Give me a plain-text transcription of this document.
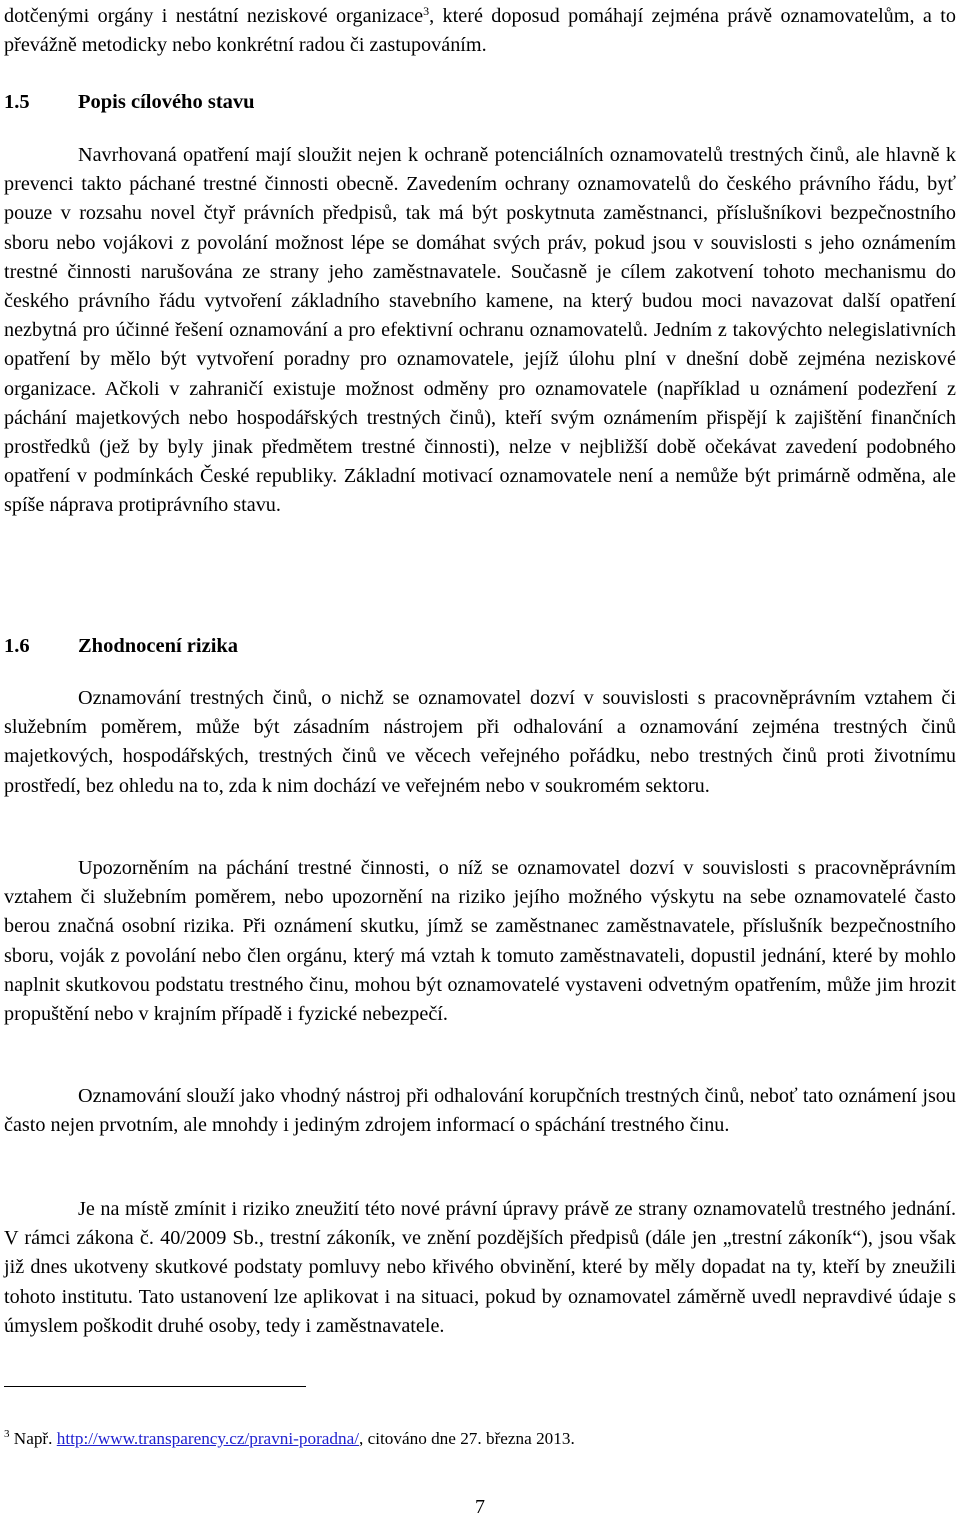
dotčenými orgány i nestátní neziskové organizace$^3$, které doposud pomáhají zejména právě oznamovatelům, a to převážně metodicky nebo konkrétní radou či zastupováním.

1.5 Popis cílového stavu

Navrhovaná opatření mají sloužit nejen k ochraně potenciálních oznamovatelů trestných činů, ale hlavně k prevenci takto páchané trestné činnosti obecně. Zavedením ochrany oznamovatelů do českého právního řádu, byť pouze v rozsahu novel čtyř právních předpisů, tak má být poskytnuta zaměstnanci, příslušníkovi bezpečnostního sboru nebo vojákovi z povolání možnost lépe se domáhat svých práv, pokud jsou v souvislosti s jeho oznámením trestné činnosti narušována ze strany jeho zaměstnavatele. Současně je cílem zakotvení tohoto mechanismu do českého právního řádu vytvoření základního stavebního kamene, na který budou moci navazovat další opatření nezbytná pro účinné řešení oznamování a pro efektivní ochranu oznamovatelů. Jedním z takovýchto nelegislativních opatření by mělo být vytvoření poradny pro oznamovatele, jejíž úlohu plní v dnešní době zejména neziskové organizace. Ačkoli v zahraničí existuje možnost odměny pro oznamovatele (například u oznámení podezření z páchání majetkových nebo hospodářských trestných činů), kteří svým oznámením přispějí k zajištění finančních prostředků (jež by byly jinak předmětem trestné činnosti), nelze v nejbližší době očekávat zavedení podobného opatření v podmínkách České republiky. Základní motivací oznamovatele není a nemůže být primárně odměna, ale spíše náprava protiprávního stavu.

1.6 Zhodnocení rizika

Oznamování trestných činů, o nichž se oznamovatel dozví v souvislosti s pracovněprávním vztahem či služebním poměrem, může být zásadním nástrojem při odhalování a oznamování zejména trestných činů majetkových, hospodářských, trestných činů ve věcech veřejného pořádku, nebo trestných činů proti životnímu prostředí, bez ohledu na to, zda k nim dochází ve veřejném nebo v soukromém sektoru.

Upozorněním na páchání trestné činnosti, o níž se oznamovatel dozví v souvislosti s pracovněprávním vztahem či služebním poměrem, nebo upozornění na riziko jejího možného výskytu na sebe oznamovatelé často berou značná osobní rizika. Při oznámení skutku, jímž se zaměstnanec zaměstnavatele, příslušník bezpečnostního sboru, voják z povolání nebo člen orgánu, který má vztah k tomuto zaměstnavateli, dopustil jednání, které by mohlo naplnit skutkovou podstatu trestného činu, mohou být oznamovatelé vystaveni odvetným opatřením, může jim hrozit propuštění nebo v krajním případě i fyzické nebezpečí.

Oznamování slouží jako vhodný nástroj při odhalování korupčních trestných činů, neboť tato oznámení jsou často nejen prvotním, ale mnohdy i jediným zdrojem informací o spáchání trestného činu.

Je na místě zmínit i riziko zneužití této nové právní úpravy právě ze strany oznamovatelů trestného jednání. V rámci zákona č. 40/2009 Sb., trestní zákoník, ve znění pozdějších předpisů (dále jen „trestní zákoník“), jsou však již dnes ukotveny skutkové podstaty pomluvy nebo křivého obvinění, které by měly dopadat na ty, kteří by zneužili tohoto institutu. Tato ustanovení lze aplikovat i na situaci, pokud by oznamovatel záměrně uvedl nepravdivé údaje s úmyslem poškodit druhé osoby, tedy i zaměstnavatele.

$^3$ Např. http://www.transparency.cz/pravni-poradna/, citováno dne 27. března 2013.
7
